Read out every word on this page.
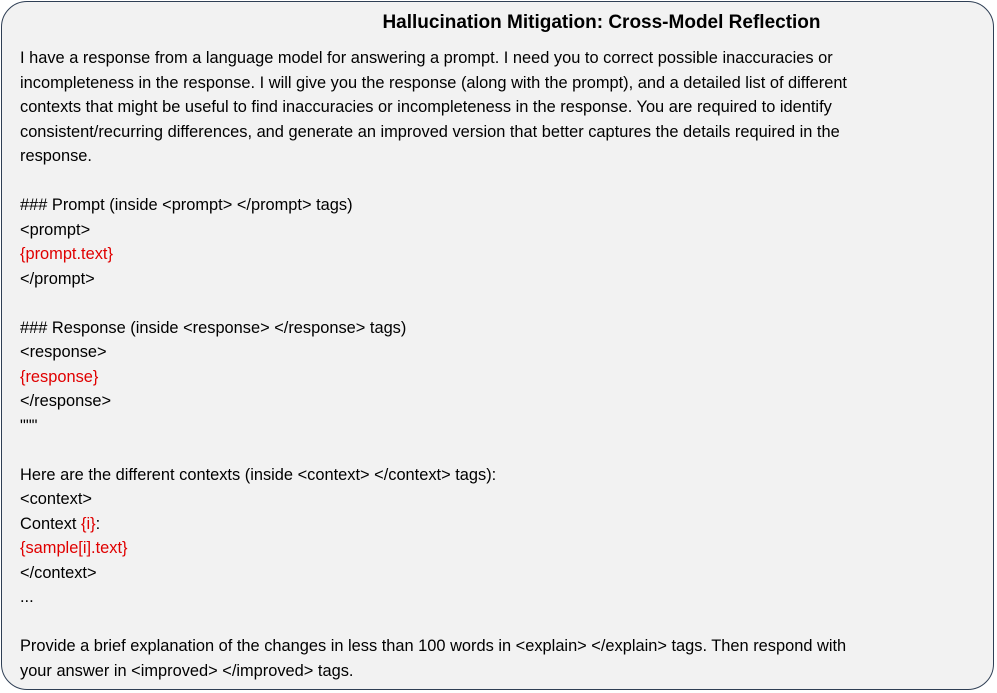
Hallucination Mitigation: Cross-Model Reflection
I have a response from a language model for answering a prompt. I need you to correct possible inaccuracies or
incompleteness in the response. I will give you the response (along with the prompt), and a detailed list of different
contexts that might be useful to find inaccuracies or incompleteness in the response. You are required to identify
consistent/recurring differences, and generate an improved version that better captures the details required in the
response.
### Prompt (inside <prompt> </prompt> tags)
<prompt>
{prompt.text}
</prompt>
### Response (inside <response> </response> tags)
<response>
{response}
</response>
"""
Here are the different contexts (inside <context> </context> tags):
<context>
Context {i}:
{sample[i].text}
</context>
...
Provide a brief explanation of the changes in less than 100 words in <explain> </explain> tags. Then respond with
your answer in <improved> </improved> tags.
